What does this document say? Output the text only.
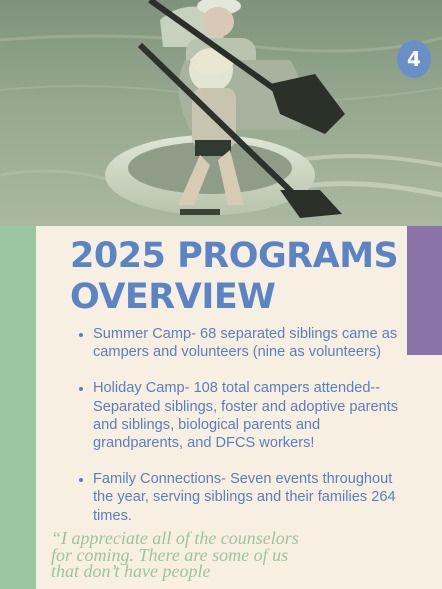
4
2025 PROGRAMS OVERVIEW
• Summer Camp- 68 separated siblings came as campers and volunteers (nine as volunteers)
• Holiday Camp- 108 total campers attended--Separated siblings, foster and adoptive parents and siblings, biological parents and grandparents, and DFCS workers!
• Family Connections- Seven events throughout the year, serving siblings and their families 264 times.

“I appreciate all of the counselors for coming. There are some of us that don’t have people
